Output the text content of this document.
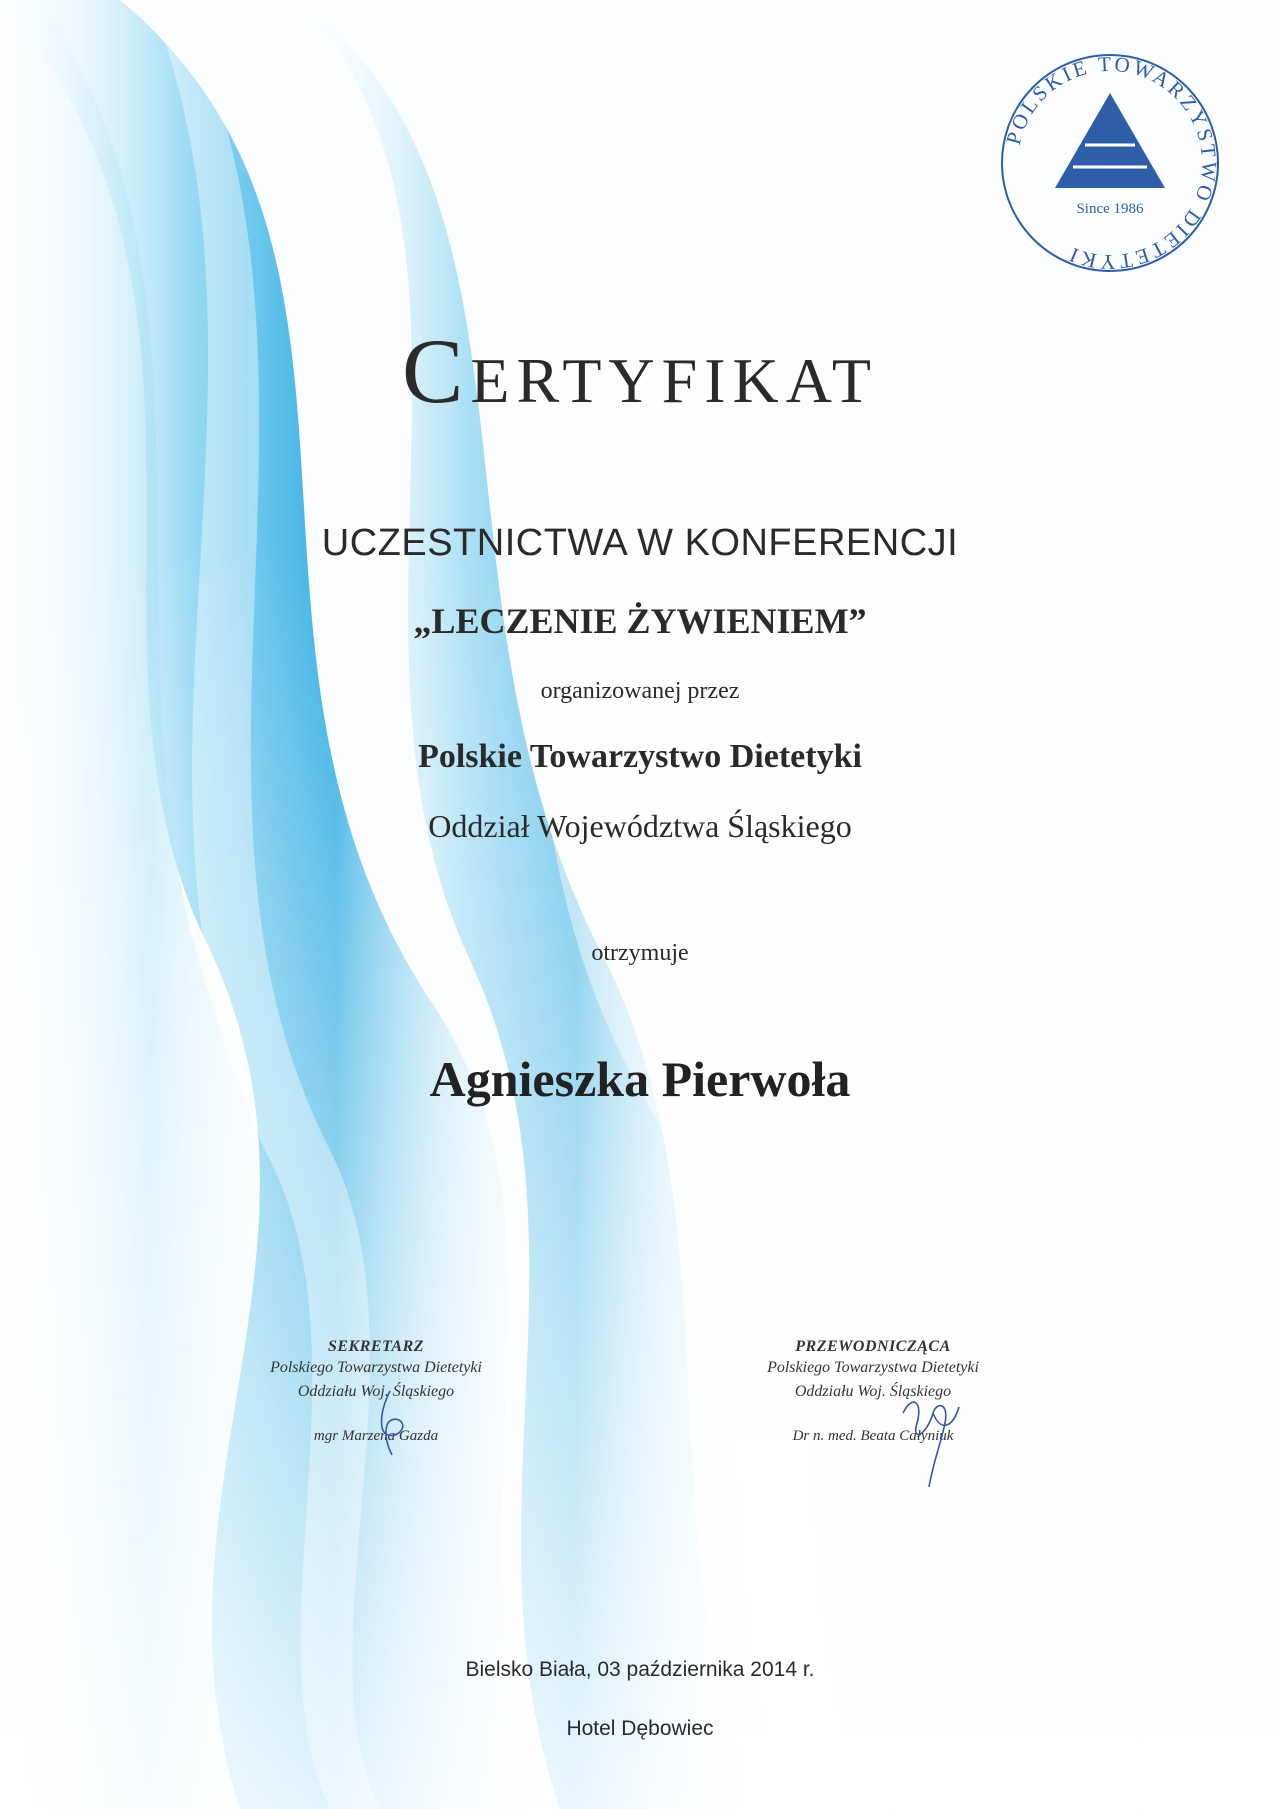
POLSKIE TOWARZYSTWO DIETETYKI
Since 1986
Certyfikat
UCZESTNICTWA W KONFERENCJI
„LECZENIE ŻYWIENIEM”
organizowanej przez
Polskie Towarzystwo Dietetyki
Oddział Województwa Śląskiego
otrzymuje
Agnieszka Pierwoła
SEKRETARZ
Polskiego Towarzystwa Dietetyki
Oddziału Woj. Śląskiego
mgr Marzena Gazda
PRZEWODNICZĄCA
Polskiego Towarzystwa Dietetyki
Oddziału Woj. Śląskiego
Dr n. med. Beata Całyniuk
Bielsko Biała, 03 października 2014 r.
Hotel Dębowiec
